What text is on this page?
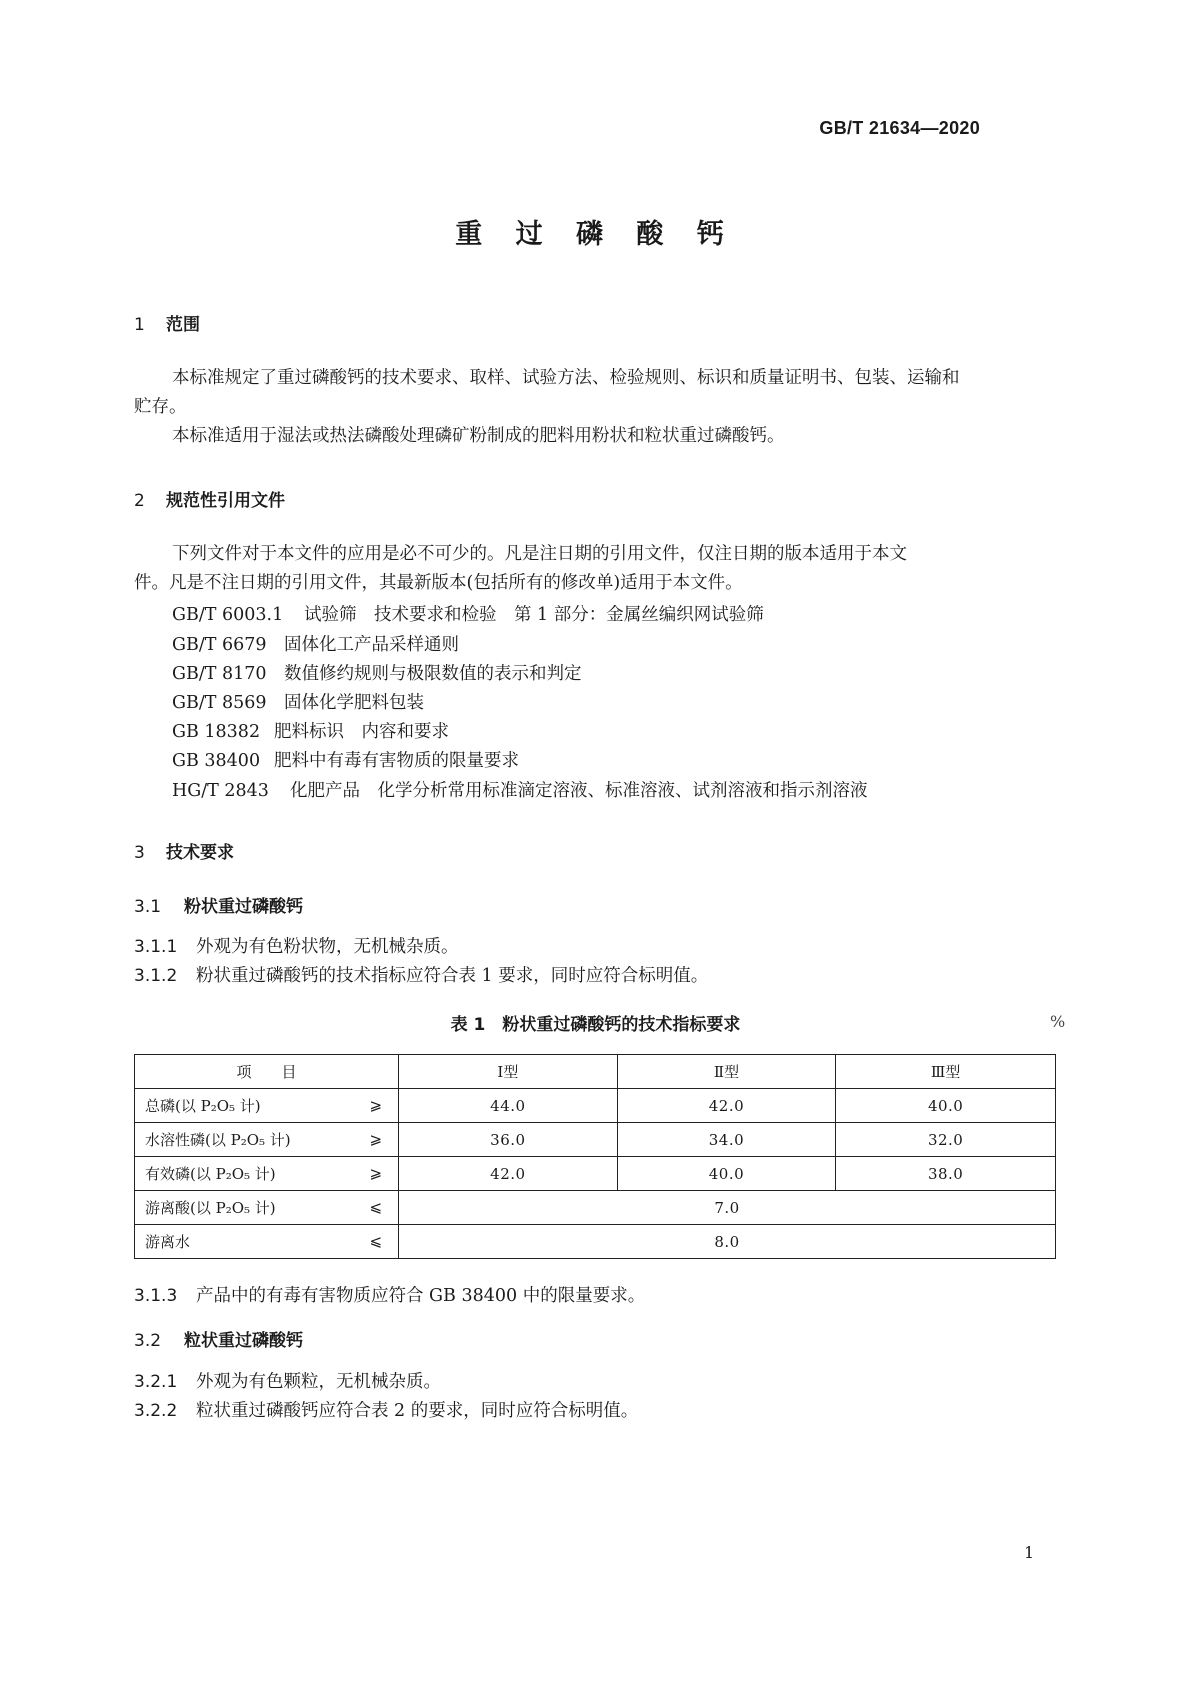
GB/T 21634—2020
重 过 磷 酸 钙
1 范围
本标准规定了重过磷酸钙的技术要求、取样、试验方法、检验规则、标识和质量证明书、包装、运输和
贮存。
本标准适用于湿法或热法磷酸处理磷矿粉制成的肥料用粉状和粒状重过磷酸钙。
2 规范性引用文件
下列文件对于本文件的应用是必不可少的。凡是注日期的引用文件，仅注日期的版本适用于本文
件。凡是不注日期的引用文件，其最新版本(包括所有的修改单)适用于本文件。
GB/T 6003.1 试验筛　技术要求和检验　第 1 部分：金属丝编织网试验筛
GB/T 6679 固体化工产品采样通则
GB/T 8170 数值修约规则与极限数值的表示和判定
GB/T 8569 固体化学肥料包装
GB 18382 肥料标识　内容和要求
GB 38400 肥料中有毒有害物质的限量要求
HG/T 2843 化肥产品　化学分析常用标准滴定溶液、标准溶液、试剂溶液和指示剂溶液
3 技术要求
3.1 粉状重过磷酸钙
3.1.1 外观为有色粉状物，无机械杂质。
3.1.2 粉状重过磷酸钙的技术指标应符合表 1 要求，同时应符合标明值。
表 1　粉状重过磷酸钙的技术指标要求	%
项　　目	Ⅰ型	Ⅱ型	Ⅲ型
总磷(以 P₂O₅ 计) ⩾	44.0	42.0	40.0
水溶性磷(以 P₂O₅ 计) ⩾	36.0	34.0	32.0
有效磷(以 P₂O₅ 计) ⩾	42.0	40.0	38.0
游离酸(以 P₂O₅ 计) ⩽	7.0		
游离水 ⩽	8.0		
3.1.3 产品中的有毒有害物质应符合 GB 38400 中的限量要求。
3.2 粒状重过磷酸钙
3.2.1 外观为有色颗粒，无机械杂质。
3.2.2 粒状重过磷酸钙应符合表 2 的要求，同时应符合标明值。
1
